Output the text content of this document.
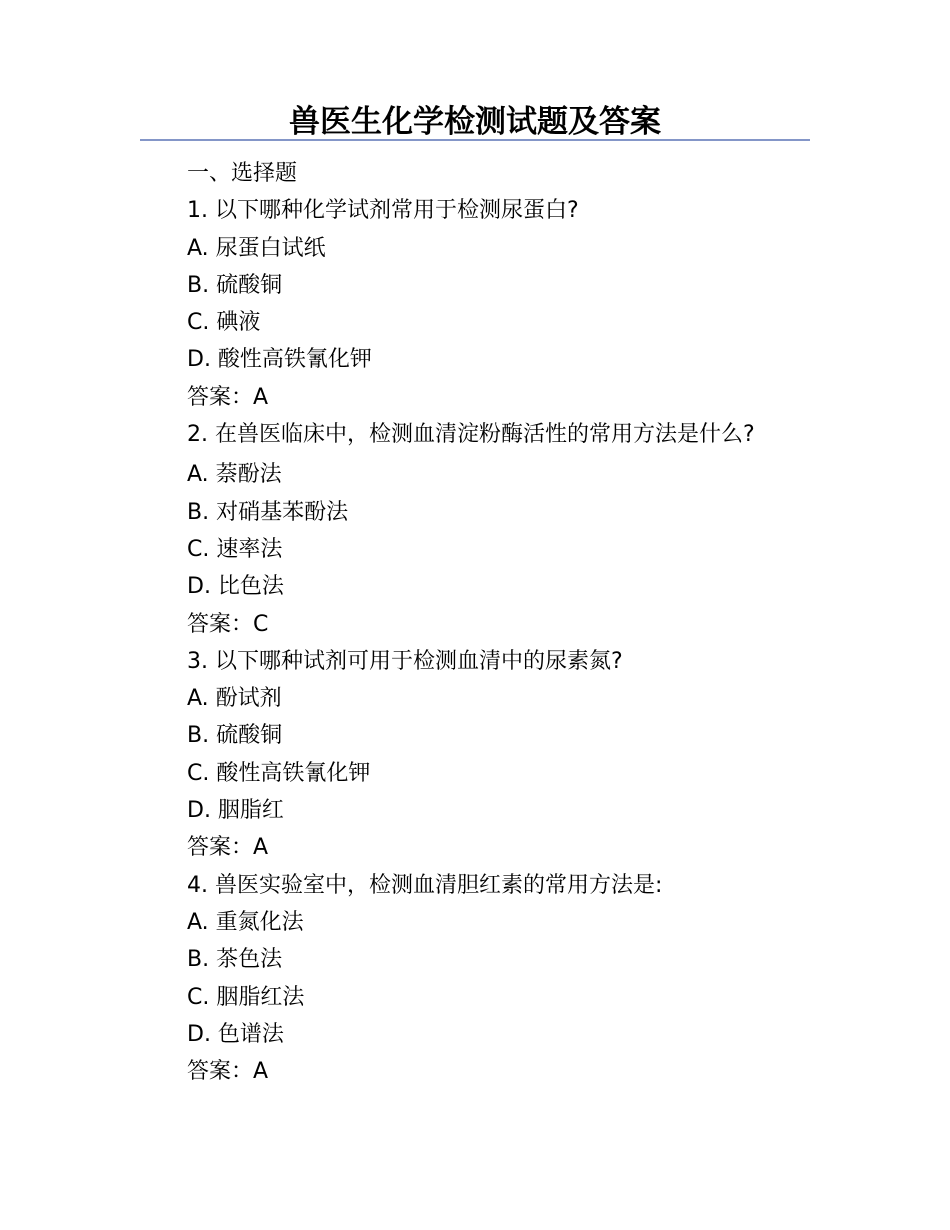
兽医生化学检测试题及答案
一、选择题
1. 以下哪种化学试剂常用于检测尿蛋白?
A. 尿蛋白试纸
B. 硫酸铜
C. 碘液
D. 酸性高铁氰化钾
答案：A
2. 在兽医临床中，检测血清淀粉酶活性的常用方法是什么?
A. 萘酚法
B. 对硝基苯酚法
C. 速率法
D. 比色法
答案：C
3. 以下哪种试剂可用于检测血清中的尿素氮?
A. 酚试剂
B. 硫酸铜
C. 酸性高铁氰化钾
D. 胭脂红
答案：A
4. 兽医实验室中，检测血清胆红素的常用方法是:
A. 重氮化法
B. 茶色法
C. 胭脂红法
D. 色谱法
答案：A
